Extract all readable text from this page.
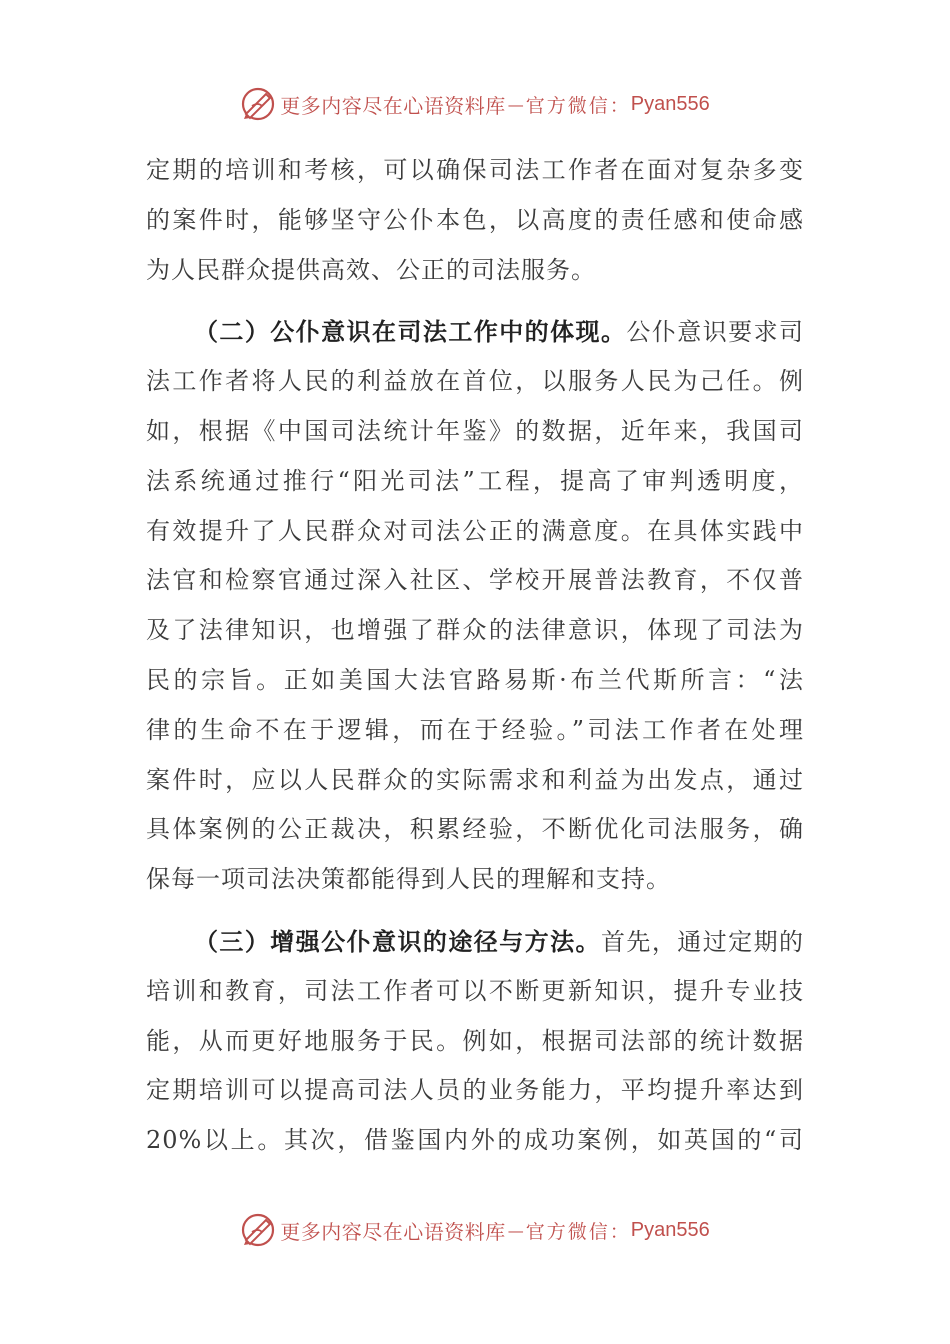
更多内容尽在心语资料库 — 官方微信： Pyan556
定期的培训和考核，可以确保司法工作者在面对复杂多变
的案件时，能够坚守公仆本色，以高度的责任感和使命感
为人民群众提供高效、公正的司法服务。
（二）公仆意识在司法工作中的体现。公仆意识要求司
法工作者将人民的利益放在首位，以服务人民为己任。例
如，根据《中国司法统计年鉴》的数据，近年来，我国司
法系统通过推行“阳光司法”工程，提高了审判透明度，
有效提升了人民群众对司法公正的满意度。在具体实践中
法官和检察官通过深入社区、学校开展普法教育，不仅普
及了法律知识，也增强了群众的法律意识，体现了司法为
民的宗旨。正如美国大法官路易斯·布兰代斯所言：“法
律的生命不在于逻辑，而在于经验。”司法工作者在处理
案件时，应以人民群众的实际需求和利益为出发点，通过
具体案例的公正裁决，积累经验，不断优化司法服务，确
保每一项司法决策都能得到人民的理解和支持。
（三）增强公仆意识的途径与方法。首先，通过定期的
培训和教育，司法工作者可以不断更新知识，提升专业技
能，从而更好地服务于民。例如，根据司法部的统计数据
定期培训可以提高司法人员的业务能力，平均提升率达到
20%以上。其次，借鉴国内外的成功案例，如英国的“司
更多内容尽在心语资料库 — 官方微信： Pyan556
